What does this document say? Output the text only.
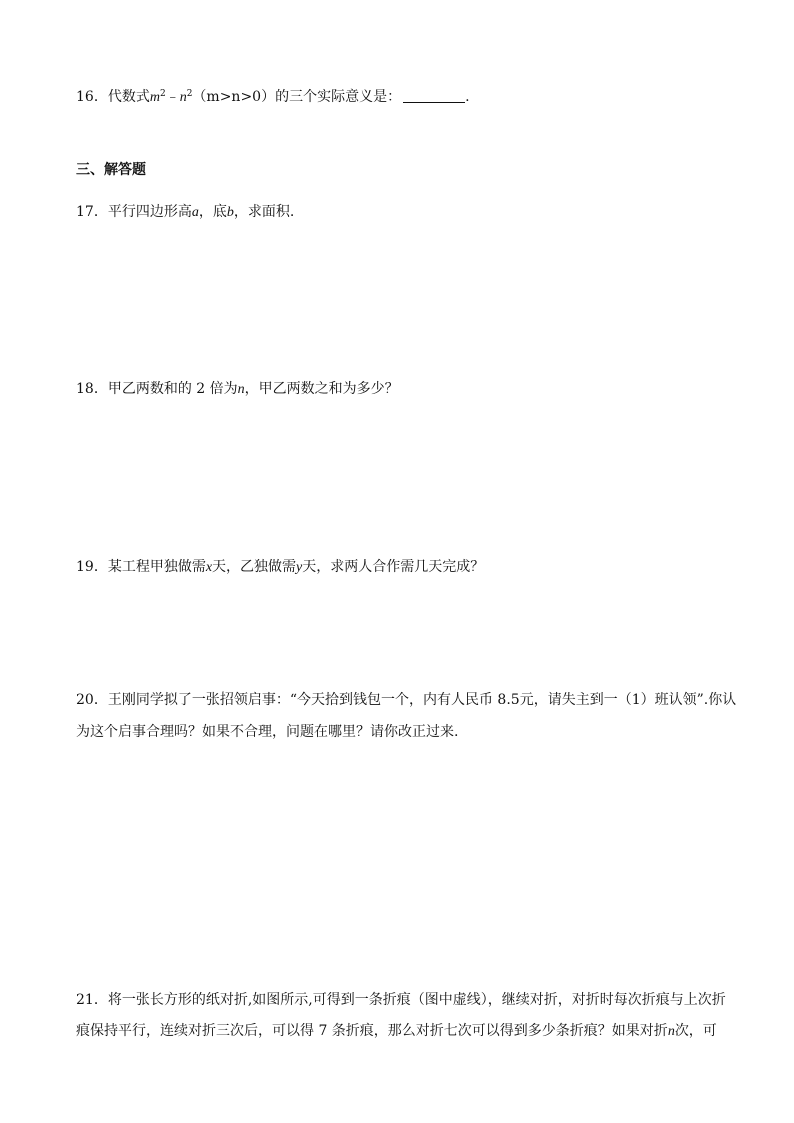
16．代数式$m^2﹣n^2(m>n>0)$的三个实际意义是：	.
三、解答题
17．平行四边形高a，底b，求面积.
18．甲乙两数和的 2 倍为n，甲乙两数之和为多少？
19．某工程甲独做需x天，乙独做需y天，求两人合作需几天完成？
20．王刚同学拟了一张招领启事：“今天拾到钱包一个，内有人民币 8.5元，请失主到一（1）班认领”.你认
为这个启事合理吗？如果不合理，问题在哪里？请你改正过来.
21．将一张长方形的纸对折,如图所示,可得到一条折痕（图中虚线），继续对折，对折时每次折痕与上次折
痕保持平行，连续对折三次后，可以得 7 条折痕，那么对折七次可以得到多少条折痕？如果对折n次，可
